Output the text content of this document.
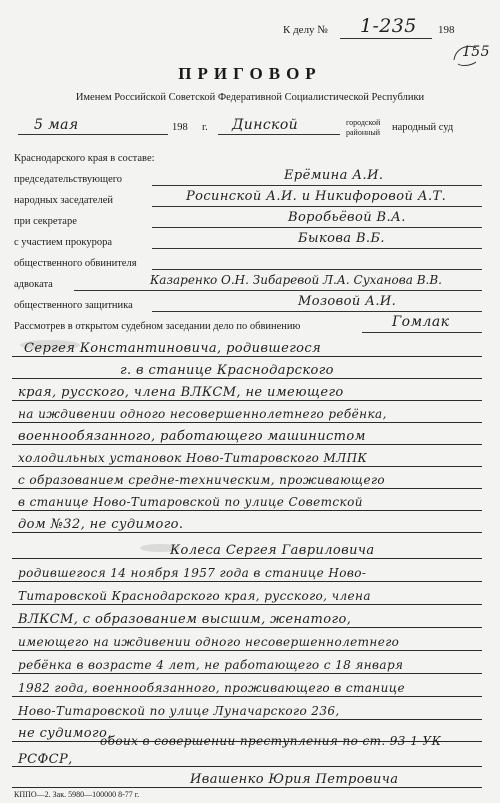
К делу № 1-235 198
155
ПРИГОВОР
Именем Российской Советской Федеративной Социалистической Республики
5 мая	198 г. Динской	городской
районный народный суд
Краснодарского края в составе:
председательствующего	Ерёмина А.И.
народных заседателей	Росинской А.И. и Никифоровой А.Т.
при секретаре	Воробьёвой В.А.
с участием прокурора	Быкова В.Б.
общественного обвинителя
адвоката	Казаренко О.Н. Зибаревой Л.А. Суханова В.В.
общественного защитника	Мозовой А.И.
Рассмотрев в открытом судебном заседании дело по обвинению	Гомлак
Сергея Константиновича, родившегося
г. в станице Краснодарского
края, русского, члена ВЛКСМ, не имеющего
на иждивении одного несовершеннолетнего ребёнка,
военнообязанного, работающего машинистом
холодильных установок Ново-Титаровского МЛПК
с образованием средне-техническим, проживающего
в станице Ново-Титаровской по улице Советской
дом №32, не судимого.
Колеса Сергея Гавриловича
родившегося 14 ноября 1957 года в станице Ново-
Титаровской Краснодарского края, русского, члена
ВЛКСМ, с образованием высшим, женатого,
имеющего на иждивении одного несовершеннолетнего
ребёнка в возрасте 4 лет, не работающего с 18 января
1982 года, военнообязанного, проживающего в станице
Ново-Титаровской по улице Луначарского 236,
не судимого,
обоих в совершении преступления по ст. 93-1 УК
РСФСР,
Ивашенко Юрия Петровича
КППО—2. Зак. 5980—100000 8-77 г.
